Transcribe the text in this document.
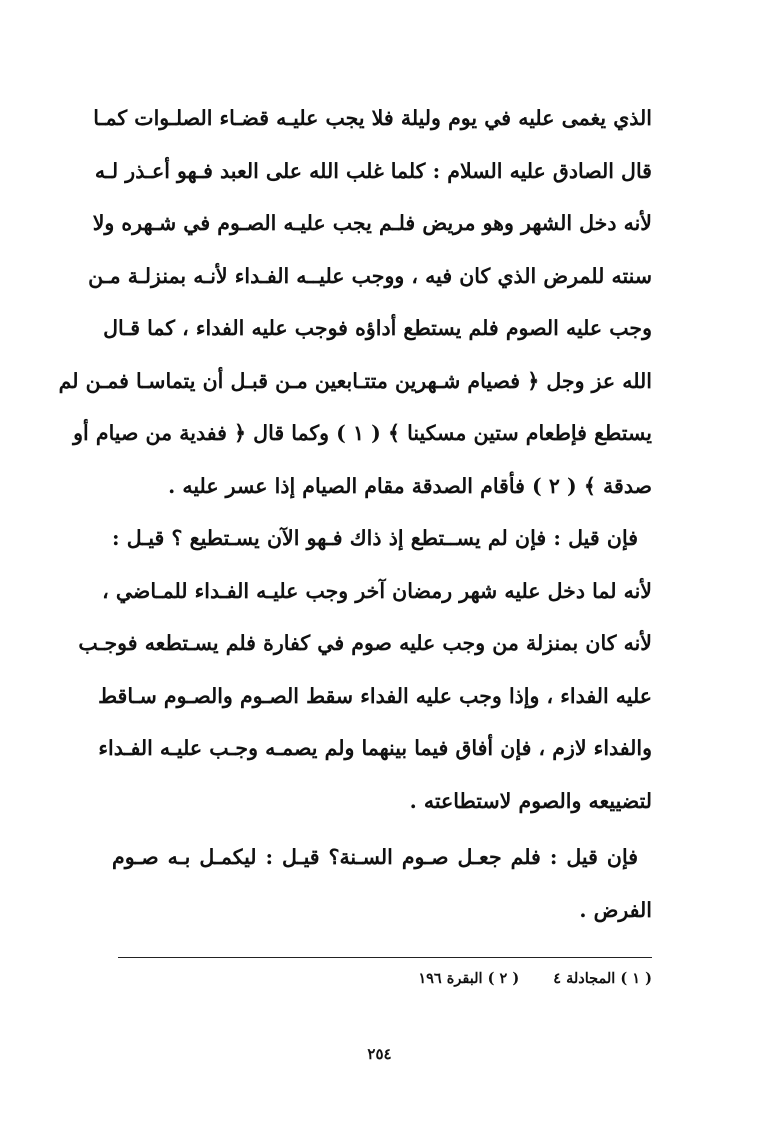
الذي يغمى عليه في يوم وليلة فلا يجب عليـه قضـاء الصلـوات كمـا
قال الصادق عليه السلام : كلما غلب الله على العبد فـهو أعـذر لـه
لأنه دخل الشهر وهو مريض فلـم يجب عليـه الصـوم في شـهره ولا
سنته للمرض الذي كان فيه ، ووجب عليــه الفـداء لأنـه بمنزلـة مـن
وجب عليه الصوم فلم يستطع أداؤه فوجب عليه الفداء ، كما قـال
الله عز وجل ﴿ فصيام شـهرين متتـابعين مـن قبـل أن يتماسـا فمـن لم
يستطع فإطعام ستين مسكينا ﴾ ( ١ ) وكما قال ﴿ ففدية من صيام أو
صدقة ﴾ ( ٢ ) فأقام الصدقة مقام الصيام إذا عسر عليه .
فإن قيل : فإن لم يســتطع إذ ذاك فـهو الآن يسـتطيع ؟ قيـل :
لأنه لما دخل عليه شهر رمضان آخر وجب عليـه الفـداء للمـاضي ،
لأنه كان بمنزلة من وجب عليه صوم في كفارة فلم يسـتطعه فوجـب
عليه الفداء ، وإذا وجب عليه الفداء سقط الصـوم والصـوم سـاقط
والفداء لازم ، فإن أفاق فيما بينهما ولم يصمـه وجـب عليـه الفـداء
لتضييعه والصوم لاستطاعته .
فإن قيل : فلم جعـل صـوم السـنة؟ قيـل : ليكمـل بـه صـوم
الفرض .
( ١ ) المجادلة ٤( ٢ ) البقرة ١٩٦
٢٥٤
